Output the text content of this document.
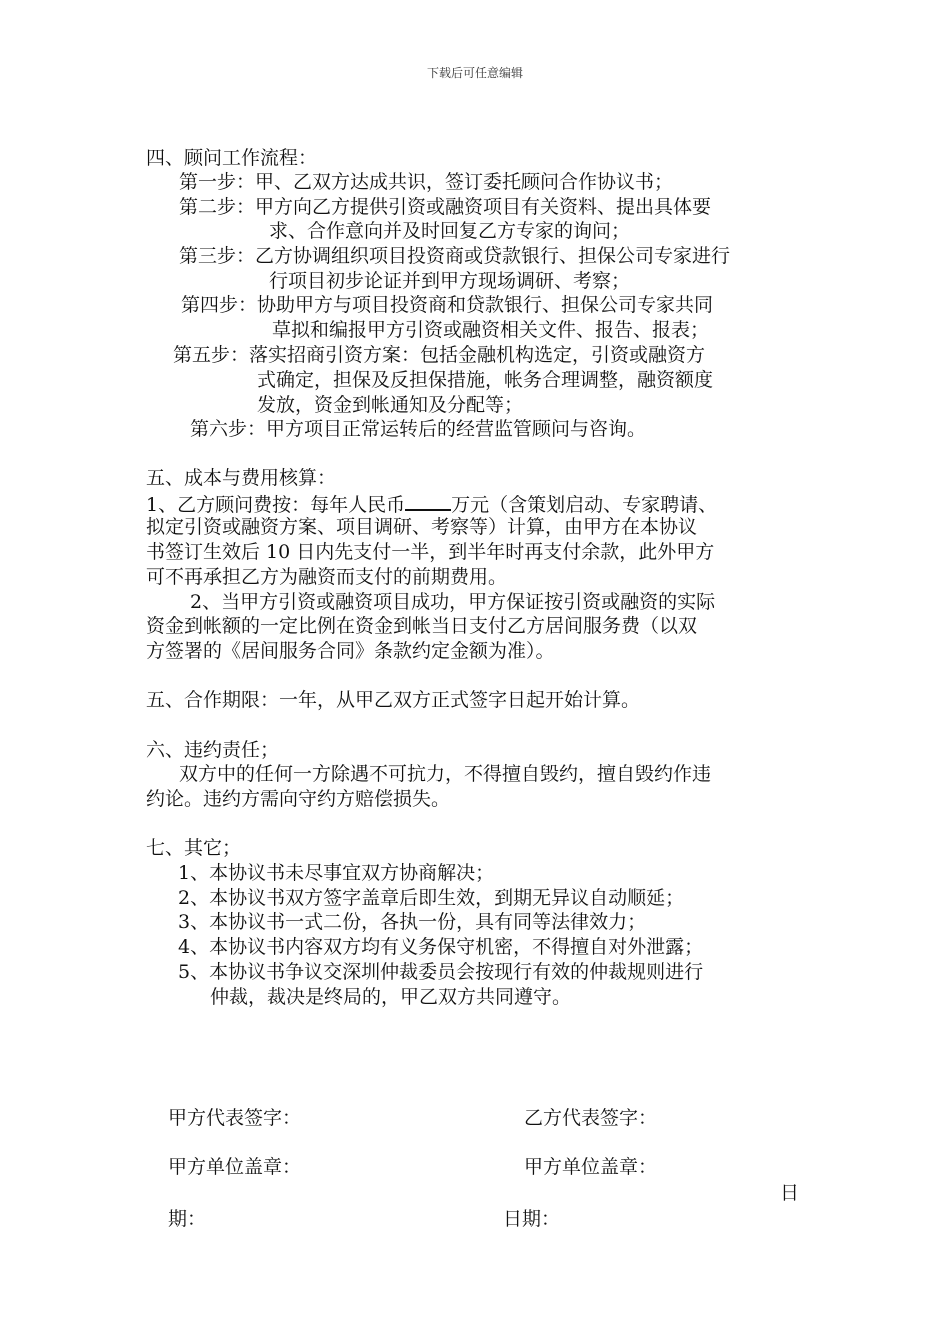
下载后可任意编辑
四、顾问工作流程：
第一步：甲、乙双方达成共识，签订委托顾问合作协议书；
第二步：甲方向乙方提供引资或融资项目有关资料、提出具体要
求、合作意向并及时回复乙方专家的询问；
第三步：乙方协调组织项目投资商或贷款银行、担保公司专家进行
行项目初步论证并到甲方现场调研、考察；
第四步：协助甲方与项目投资商和贷款银行、担保公司专家共同
草拟和编报甲方引资或融资相关文件、报告、报表；
第五步：落实招商引资方案：包括金融机构选定，引资或融资方
式确定，担保及反担保措施，帐务合理调整，融资额度
发放，资金到帐通知及分配等；
第六步：甲方项目正常运转后的经营监管顾问与咨询。
五、成本与费用核算：
1、乙方顾问费按：每年人民币 万元（含策划启动、专家聘请、
拟定引资或融资方案、项目调研、考察等）计算，由甲方在本协议
书签订生效后 10 日内先支付一半，到半年时再支付余款，此外甲方
可不再承担乙方为融资而支付的前期费用。
2、当甲方引资或融资项目成功，甲方保证按引资或融资的实际
资金到帐额的一定比例在资金到帐当日支付乙方居间服务费（以双
方签署的《居间服务合同》条款约定金额为准）。
五、合作期限：一年，从甲乙双方正式签字日起开始计算。
六、违约责任；
双方中的任何一方除遇不可抗力，不得擅自毁约，擅自毁约作违
约论。违约方需向守约方赔偿损失。
七、其它；
1、本协议书未尽事宜双方协商解决；
2、本协议书双方签字盖章后即生效，到期无异议自动顺延；
3、本协议书一式二份，各执一份，具有同等法律效力；
4、本协议书内容双方均有义务保守机密，不得擅自对外泄露；
5、本协议书争议交深圳仲裁委员会按现行有效的仲裁规则进行
仲裁，裁决是终局的，甲乙双方共同遵守。
甲方代表签字：	乙方代表签字：
甲方单位盖章：	甲方单位盖章：
日
期：	日期：
